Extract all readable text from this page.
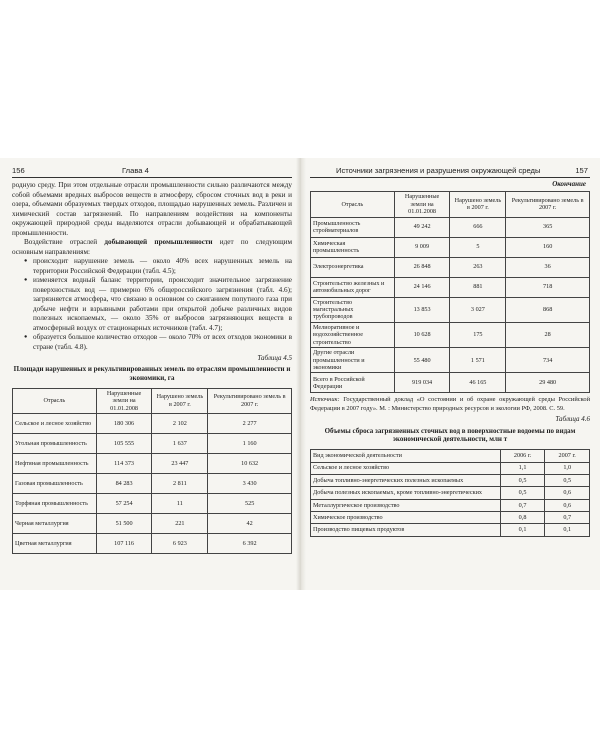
156	Глава 4

родную среду. При этом отдельные отрасли промышленности сильно различаются между собой объемами вредных выбросов веществ в атмосферу, сбросом сточных вод в реки и озера, объемами образуемых твердых отходов, площадью нарушенных земель. Различен и химический состав загрязнений. По направлениям воздействия на компоненты окружающей природной среды выделяются отрасли добывающей и обрабатывающей промышленности.

Воздействие отраслей добывающей промышленности идет по следующим основным направлениям:

● происходит нарушение земель — около 40% всех нарушенных земель на территории Российской Федерации (табл. 4.5);
● изменяется водный баланс территории, происходит значительное загрязнение поверхностных вод — примерно 6% общероссийского загрязнения (табл. 4.6); загрязняется атмосфера, что связано в основном со сжиганием попутного газа при добыче нефти и взрывными работами при открытой добыче различных видов полезных ископаемых, — около 35% от выбросов загрязняющих веществ в атмосферный воздух от стационарных источников (табл. 4.7);
● образуется большое количество отходов — около 70% от всех отходов экономики в стране (табл. 4.8).
Таблица 4.5
Площади нарушенных и рекультивированных земель по отраслям промышленности и экономики, га
Отрасль	Нарушенные земли на 01.01.2008	Нарушено земель в 2007 г.	Рекультивировано земель в 2007 г.
Сельское и лесное хозяйство	180 306	2 102	2 277
Угольная промышленность	105 555	1 637	1 160
Нефтяная промышленность	114 373	23 447	10 632
Газовая промышленность	84 283	2 811	3 430
Торфяная промышленность	57 254	11	525
Черная металлургия	51 500	221	42
Цветная металлургия	107 116	6 923	6 392
Источники загрязнения и разрушения окружающей среды	157
Окончание
Отрасль	Нарушенные земли на 01.01.2008	Нарушено земель в 2007 г.	Рекультивировано земель в 2007 г.
Промышленность стройматериалов	49 242	666	365
Химическая промышленность	9 009	5	160
Электроэнергетика	26 848	263	36
Строительство железных и автомобильных дорог	24 146	881	718
Строительство магистральных трубопроводов	13 853	3 027	868
Мелиоративное и водохозяйственное строительство	10 628	175	28
Другие отрасли промышленности и экономики	55 480	1 571	734
Всего в Российской Федерации	919 034	46 165	29 480
Источник: Государственный доклад «О состоянии и об охране окружающей среды Российской Федерации в 2007 году». М. : Министерство природных ресурсов и экологии РФ, 2008. С. 59.
Таблица 4.6
Объемы сброса загрязненных сточных вод в поверхностные водоемы по видам экономической деятельности, млн т
Вид экономической деятельности	2006 г.	2007 г.
Сельское и лесное хозяйство	1,1	1,0
Добыча топливно-энергетических полезных ископаемых	0,5	0,5
Добыча полезных ископаемых, кроме топливно-энергетических	0,5	0,6
Металлургическое производство	0,7	0,6
Химическое производство	0,8	0,7
Производство пищевых продуктов	0,1	0,1
